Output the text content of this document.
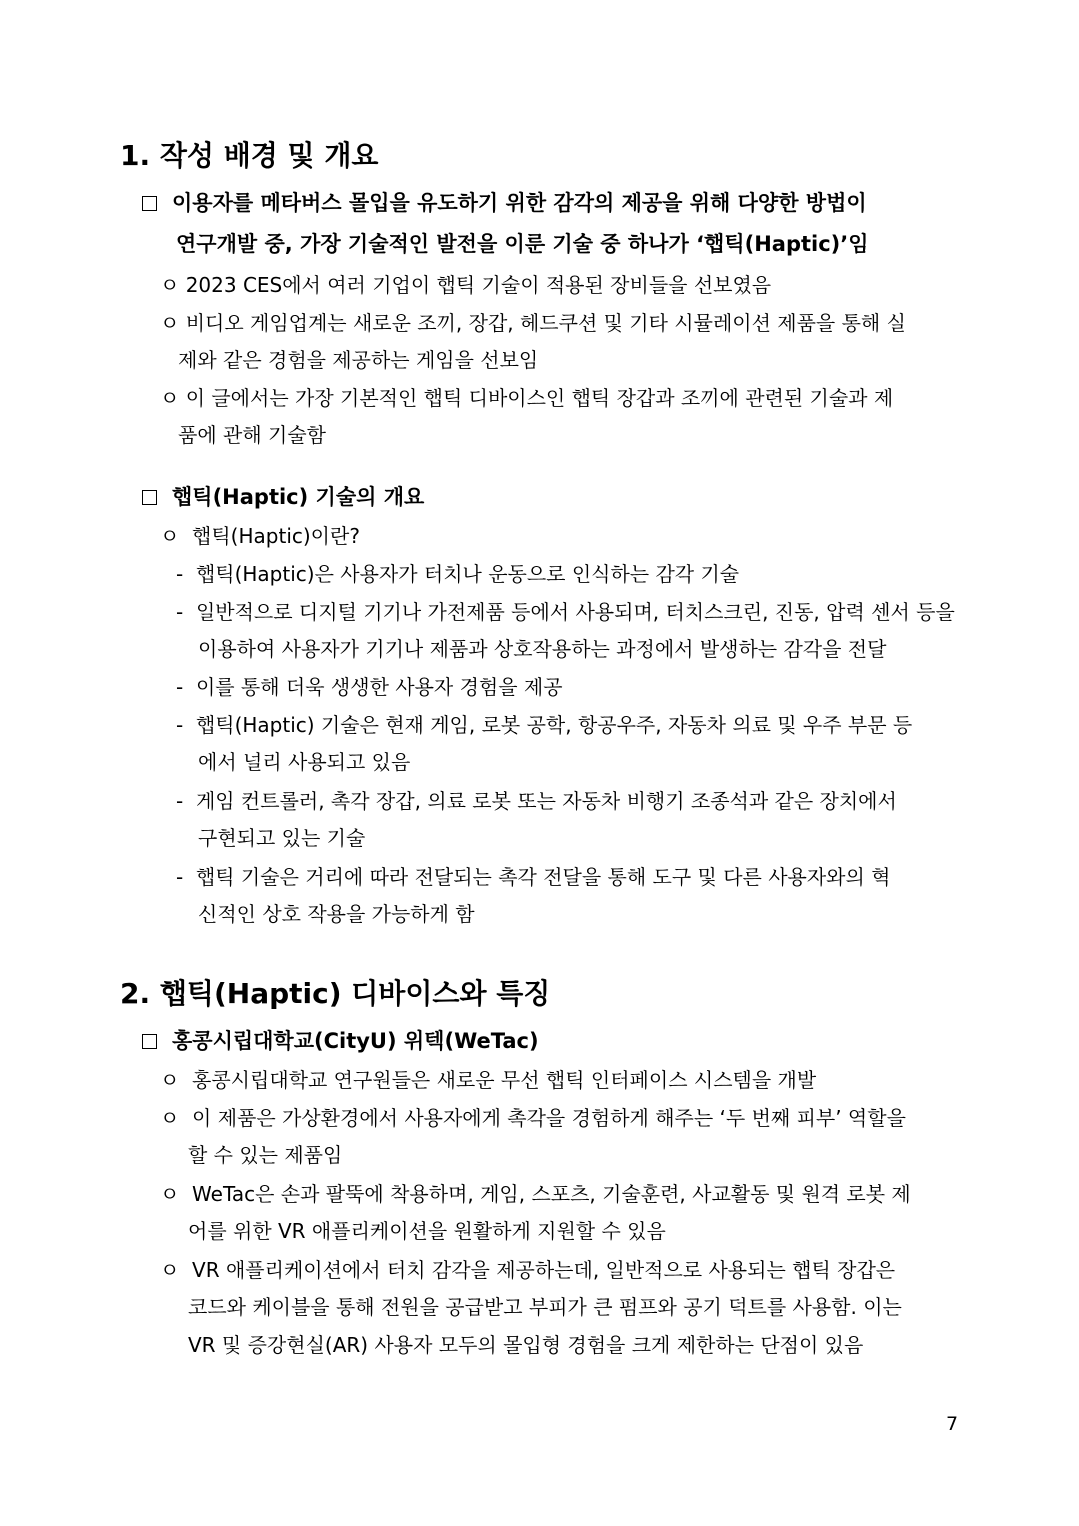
1. 작성 배경 및 개요
이용자를 메타버스 몰입을 유도하기 위한 감각의 제공을 위해 다양한 방법이
연구개발 중, 가장 기술적인 발전을 이룬 기술 중 하나가 ‘햅틱(Haptic)’임
ㅇ 2023 CES에서 여러 기업이 햅틱 기술이 적용된 장비들을 선보였음
ㅇ 비디오 게임업계는 새로운 조끼, 장갑, 헤드쿠션 및 기타 시뮬레이션 제품을 통해 실
제와 같은 경험을 제공하는 게임을 선보임
ㅇ 이 글에서는 가장 기본적인 햅틱 디바이스인 햅틱 장갑과 조끼에 관련된 기술과 제
품에 관해 기술함
햅틱(Haptic) 기술의 개요
ㅇ 햅틱(Haptic)이란?
- 햅틱(Haptic)은 사용자가 터치나 운동으로 인식하는 감각 기술
- 일반적으로 디지털 기기나 가전제품 등에서 사용되며, 터치스크린, 진동, 압력 센서 등을
이용하여 사용자가 기기나 제품과 상호작용하는 과정에서 발생하는 감각을 전달
- 이를 통해 더욱 생생한 사용자 경험을 제공
- 햅틱(Haptic) 기술은 현재 게임, 로봇 공학, 항공우주, 자동차 의료 및 우주 부문 등
에서 널리 사용되고 있음
- 게임 컨트롤러, 촉각 장갑, 의료 로봇 또는 자동차 비행기 조종석과 같은 장치에서
구현되고 있는 기술
- 햅틱 기술은 거리에 따라 전달되는 촉각 전달을 통해 도구 및 다른 사용자와의 혁
신적인 상호 작용을 가능하게 함
2. 햅틱(Haptic) 디바이스와 특징
홍콩시립대학교(CityU) 위텍(WeTac)
ㅇ 홍콩시립대학교 연구원들은 새로운 무선 햅틱 인터페이스 시스템을 개발
ㅇ 이 제품은 가상환경에서 사용자에게 촉각을 경험하게 해주는 ‘두 번째 피부’ 역할을
할 수 있는 제품임
ㅇ WeTac은 손과 팔뚝에 착용하며, 게임, 스포츠, 기술훈련, 사교활동 및 원격 로봇 제
어를 위한 VR 애플리케이션을 원활하게 지원할 수 있음
ㅇ VR 애플리케이션에서 터치 감각을 제공하는데, 일반적으로 사용되는 햅틱 장갑은
코드와 케이블을 통해 전원을 공급받고 부피가 큰 펌프와 공기 덕트를 사용함. 이는
VR 및 증강현실(AR) 사용자 모두의 몰입형 경험을 크게 제한하는 단점이 있음
7
